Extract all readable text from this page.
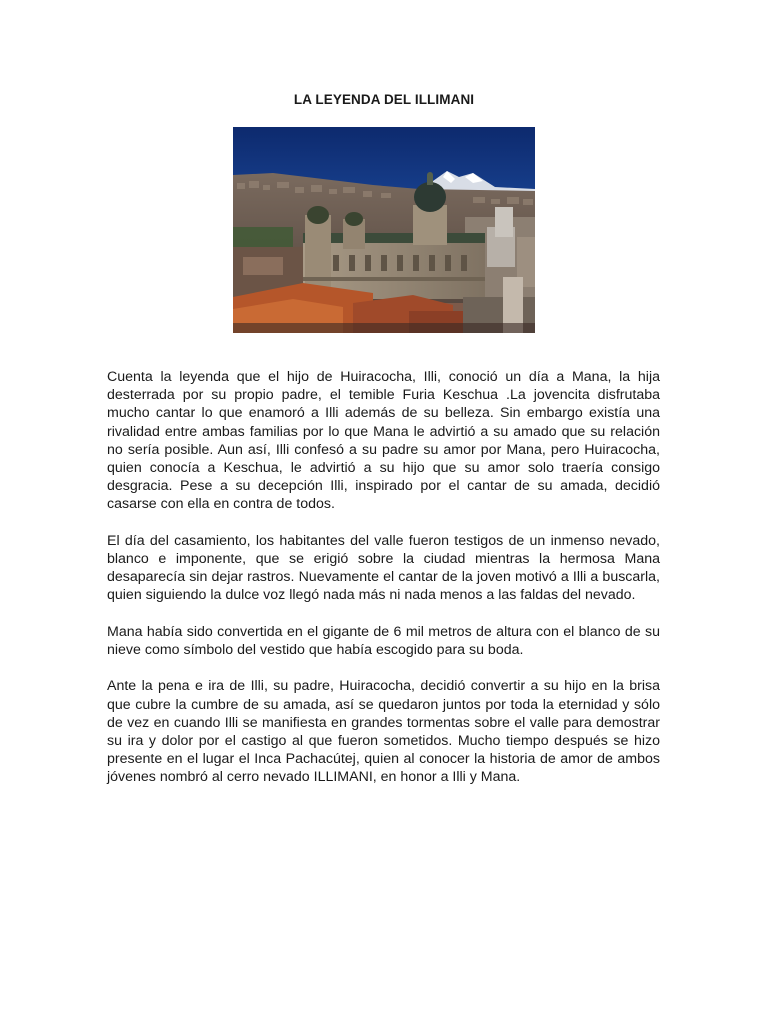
LA LEYENDA DEL ILLIMANI

Cuenta la leyenda que el hijo de Huiracocha, Illi, conoció un día a Mana, la hija desterrada por su propio padre, el temible Furia Keschua .La jovencita disfrutaba mucho cantar lo que enamoró a Illi además de su belleza. Sin embargo existía una rivalidad entre ambas familias por lo que Mana le advirtió a su amado que su relación no sería posible. Aun así, Illi confesó a su padre su amor por Mana, pero Huiracocha, quien conocía a Keschua, le advirtió a su hijo que su amor solo traería consigo desgracia. Pese a su decepción Illi, inspirado por el cantar de su amada, decidió casarse con ella en contra de todos.

El día del casamiento, los habitantes del valle fueron testigos de un inmenso nevado, blanco e imponente, que se erigió sobre la ciudad mientras la hermosa Mana desaparecía sin dejar rastros. Nuevamente el cantar de la joven motivó a Illi a buscarla, quien siguiendo la dulce voz llegó nada más ni nada menos a las faldas del nevado.

Mana había sido convertida en el gigante de 6 mil metros de altura con el blanco de su nieve como símbolo del vestido que había escogido para su boda.

Ante la pena e ira de Illi, su padre, Huiracocha, decidió convertir a su hijo en la brisa que cubre la cumbre de su amada, así se quedaron juntos por toda la eternidad y sólo de vez en cuando Illi se manifiesta en grandes tormentas sobre el valle para demostrar su ira y dolor por el castigo al que fueron sometidos. Mucho tiempo después se hizo presente en el lugar el Inca Pachacútej, quien al conocer la historia de amor de ambos jóvenes nombró al cerro nevado ILLIMANI, en honor a Illi y Mana.
